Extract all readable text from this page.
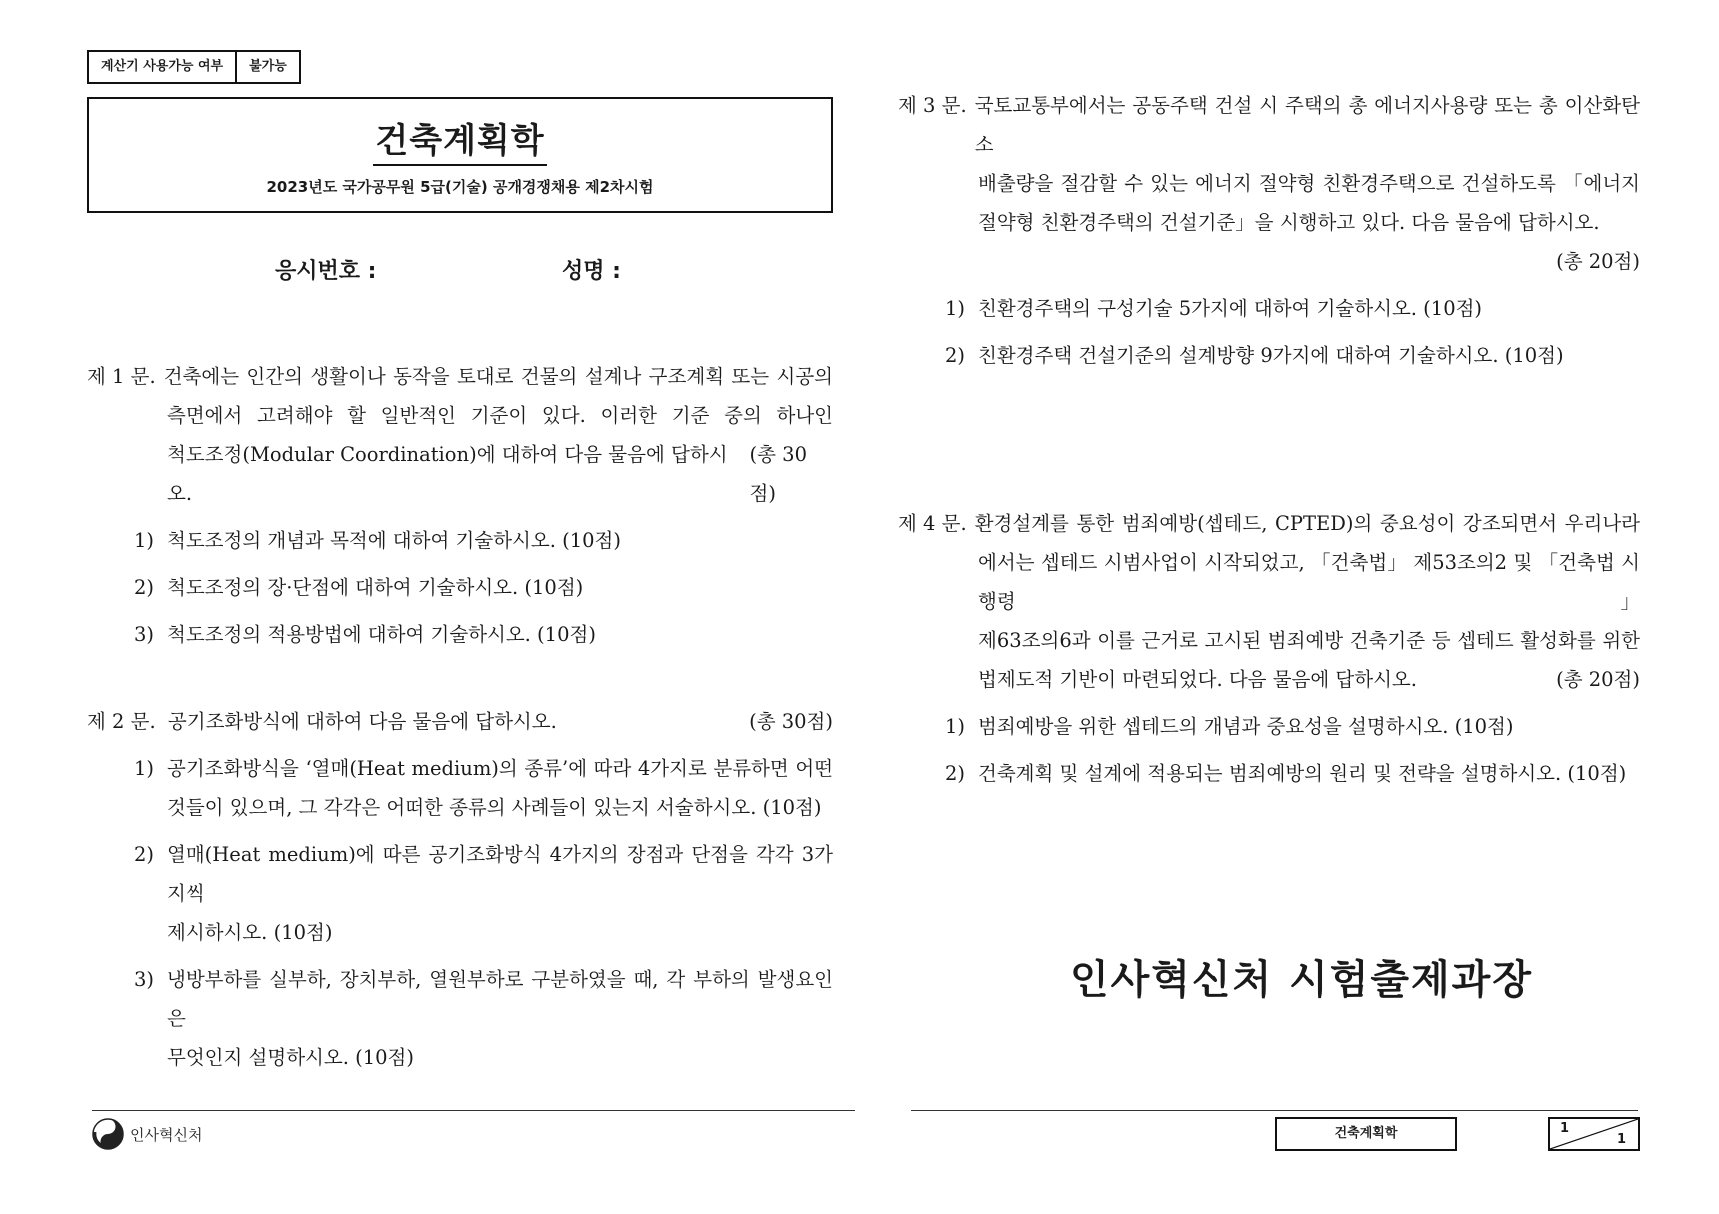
계산기 사용가능 여부	불가능
건축계획학
2023년도 국가공무원 5급(기술) 공개경쟁채용 제2차시험
응시번호 :	성명 :
제 1 문. 건축에는 인간의 생활이나 동작을 토대로 건물의 설계나 구조계획 또는 시공의
측면에서 고려해야 할 일반적인 기준이 있다. 이러한 기준 중의 하나인
척도조정(Modular Coordination)에 대하여 다음 물음에 답하시오.
(총 30점)
1) 척도조정의 개념과 목적에 대하여 기술하시오. (10점)
2) 척도조정의 장·단점에 대하여 기술하시오. (10점)
3) 척도조정의 적용방법에 대하여 기술하시오. (10점)
제 2 문. 공기조화방식에 대하여 다음 물음에 답하시오.	(총 30점)
1) 공기조화방식을 ‘열매(Heat medium)의 종류’에 따라 4가지로 분류하면 어떤
것들이 있으며, 그 각각은 어떠한 종류의 사례들이 있는지 서술하시오. (10점)
2) 열매(Heat medium)에 따른 공기조화방식 4가지의 장점과 단점을 각각 3가지씩
제시하시오. (10점)
3) 냉방부하를 실부하, 장치부하, 열원부하로 구분하였을 때, 각 부하의 발생요인은
무엇인지 설명하시오. (10점)
제 3 문. 국토교통부에서는 공동주택 건설 시 주택의 총 에너지사용량 또는 총 이산화탄소
배출량을 절감할 수 있는 에너지 절약형 친환경주택으로 건설하도록 「에너지
절약형 친환경주택의 건설기준」을 시행하고 있다. 다음 물음에 답하시오.
(총 20점)
1) 친환경주택의 구성기술 5가지에 대하여 기술하시오. (10점)
2) 친환경주택 건설기준의 설계방향 9가지에 대하여 기술하시오. (10점)
제 4 문. 환경설계를 통한 범죄예방(셉테드, CPTED)의 중요성이 강조되면서 우리나라
에서는 셉테드 시범사업이 시작되었고, 「건축법」 제53조의2 및 「건축법 시행령」
제63조의6과 이를 근거로 고시된 범죄예방 건축기준 등 셉테드 활성화를 위한
법제도적 기반이 마련되었다. 다음 물음에 답하시오.	(총 20점)
1) 범죄예방을 위한 셉테드의 개념과 중요성을 설명하시오. (10점)
2) 건축계획 및 설계에 적용되는 범죄예방의 원리 및 전략을 설명하시오. (10점)
인사혁신처 시험출제과장
인사혁신처	건축계획학	1
1
